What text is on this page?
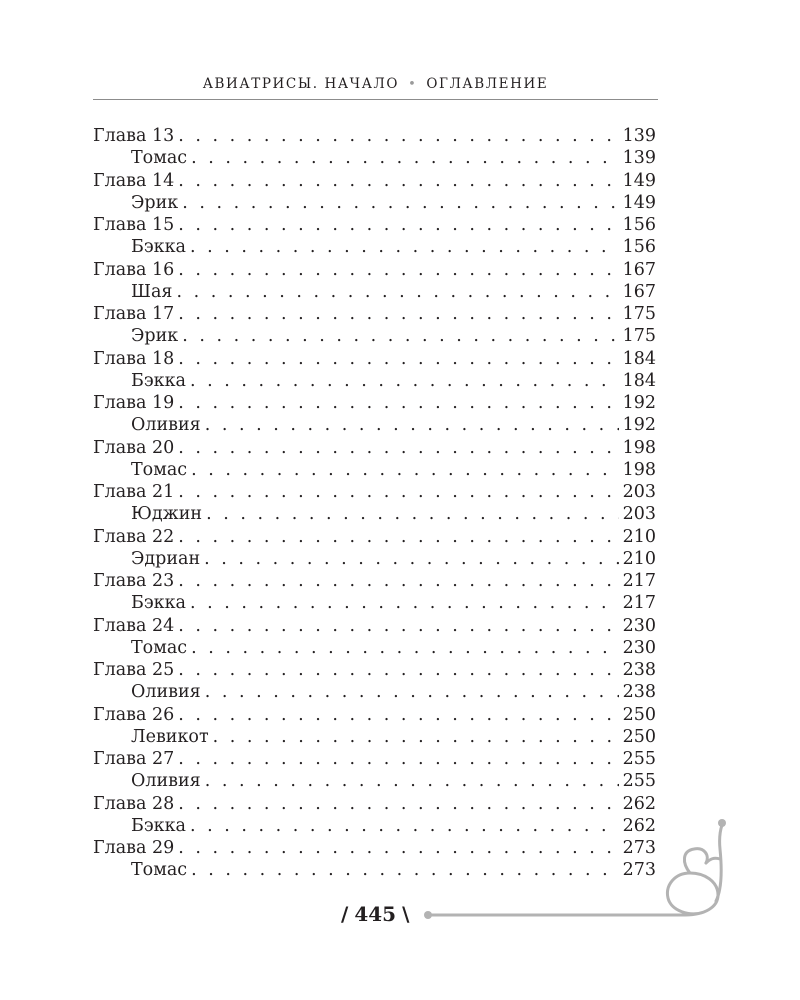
АВИАТРИСЫ. НАЧАЛО • ОГЛАВЛЕНИЕ
Глава 13 . . .	139
Томас . . .	139
Глава 14 . . .	149
Эрик . . .	149
Глава 15 . . .	156
Бэкка . . .	156
Глава 16 . . .	167
Шая . . .	167
Глава 17 . . .	175
Эрик . . .	175
Глава 18 . . .	184
Бэкка . . .	184
Глава 19 . . .	192
Оливия . . .	192
Глава 20 . . .	198
Томас . . .	198
Глава 21 . . .	203
Юджин . . .	203
Глава 22 . . .	210
Эдриан . . .	210
Глава 23 . . .	217
Бэкка . . .	217
Глава 24 . . .	230
Томас . . .	230
Глава 25 . . .	238
Оливия . . .	238
Глава 26 . . .	250
Левикот . . .	250
Глава 27 . . .	255
Оливия . . .	255
Глава 28 . . .	262
Бэкка . . .	262
Глава 29 . . .	273
Томас . . .	273
/ 445 \
